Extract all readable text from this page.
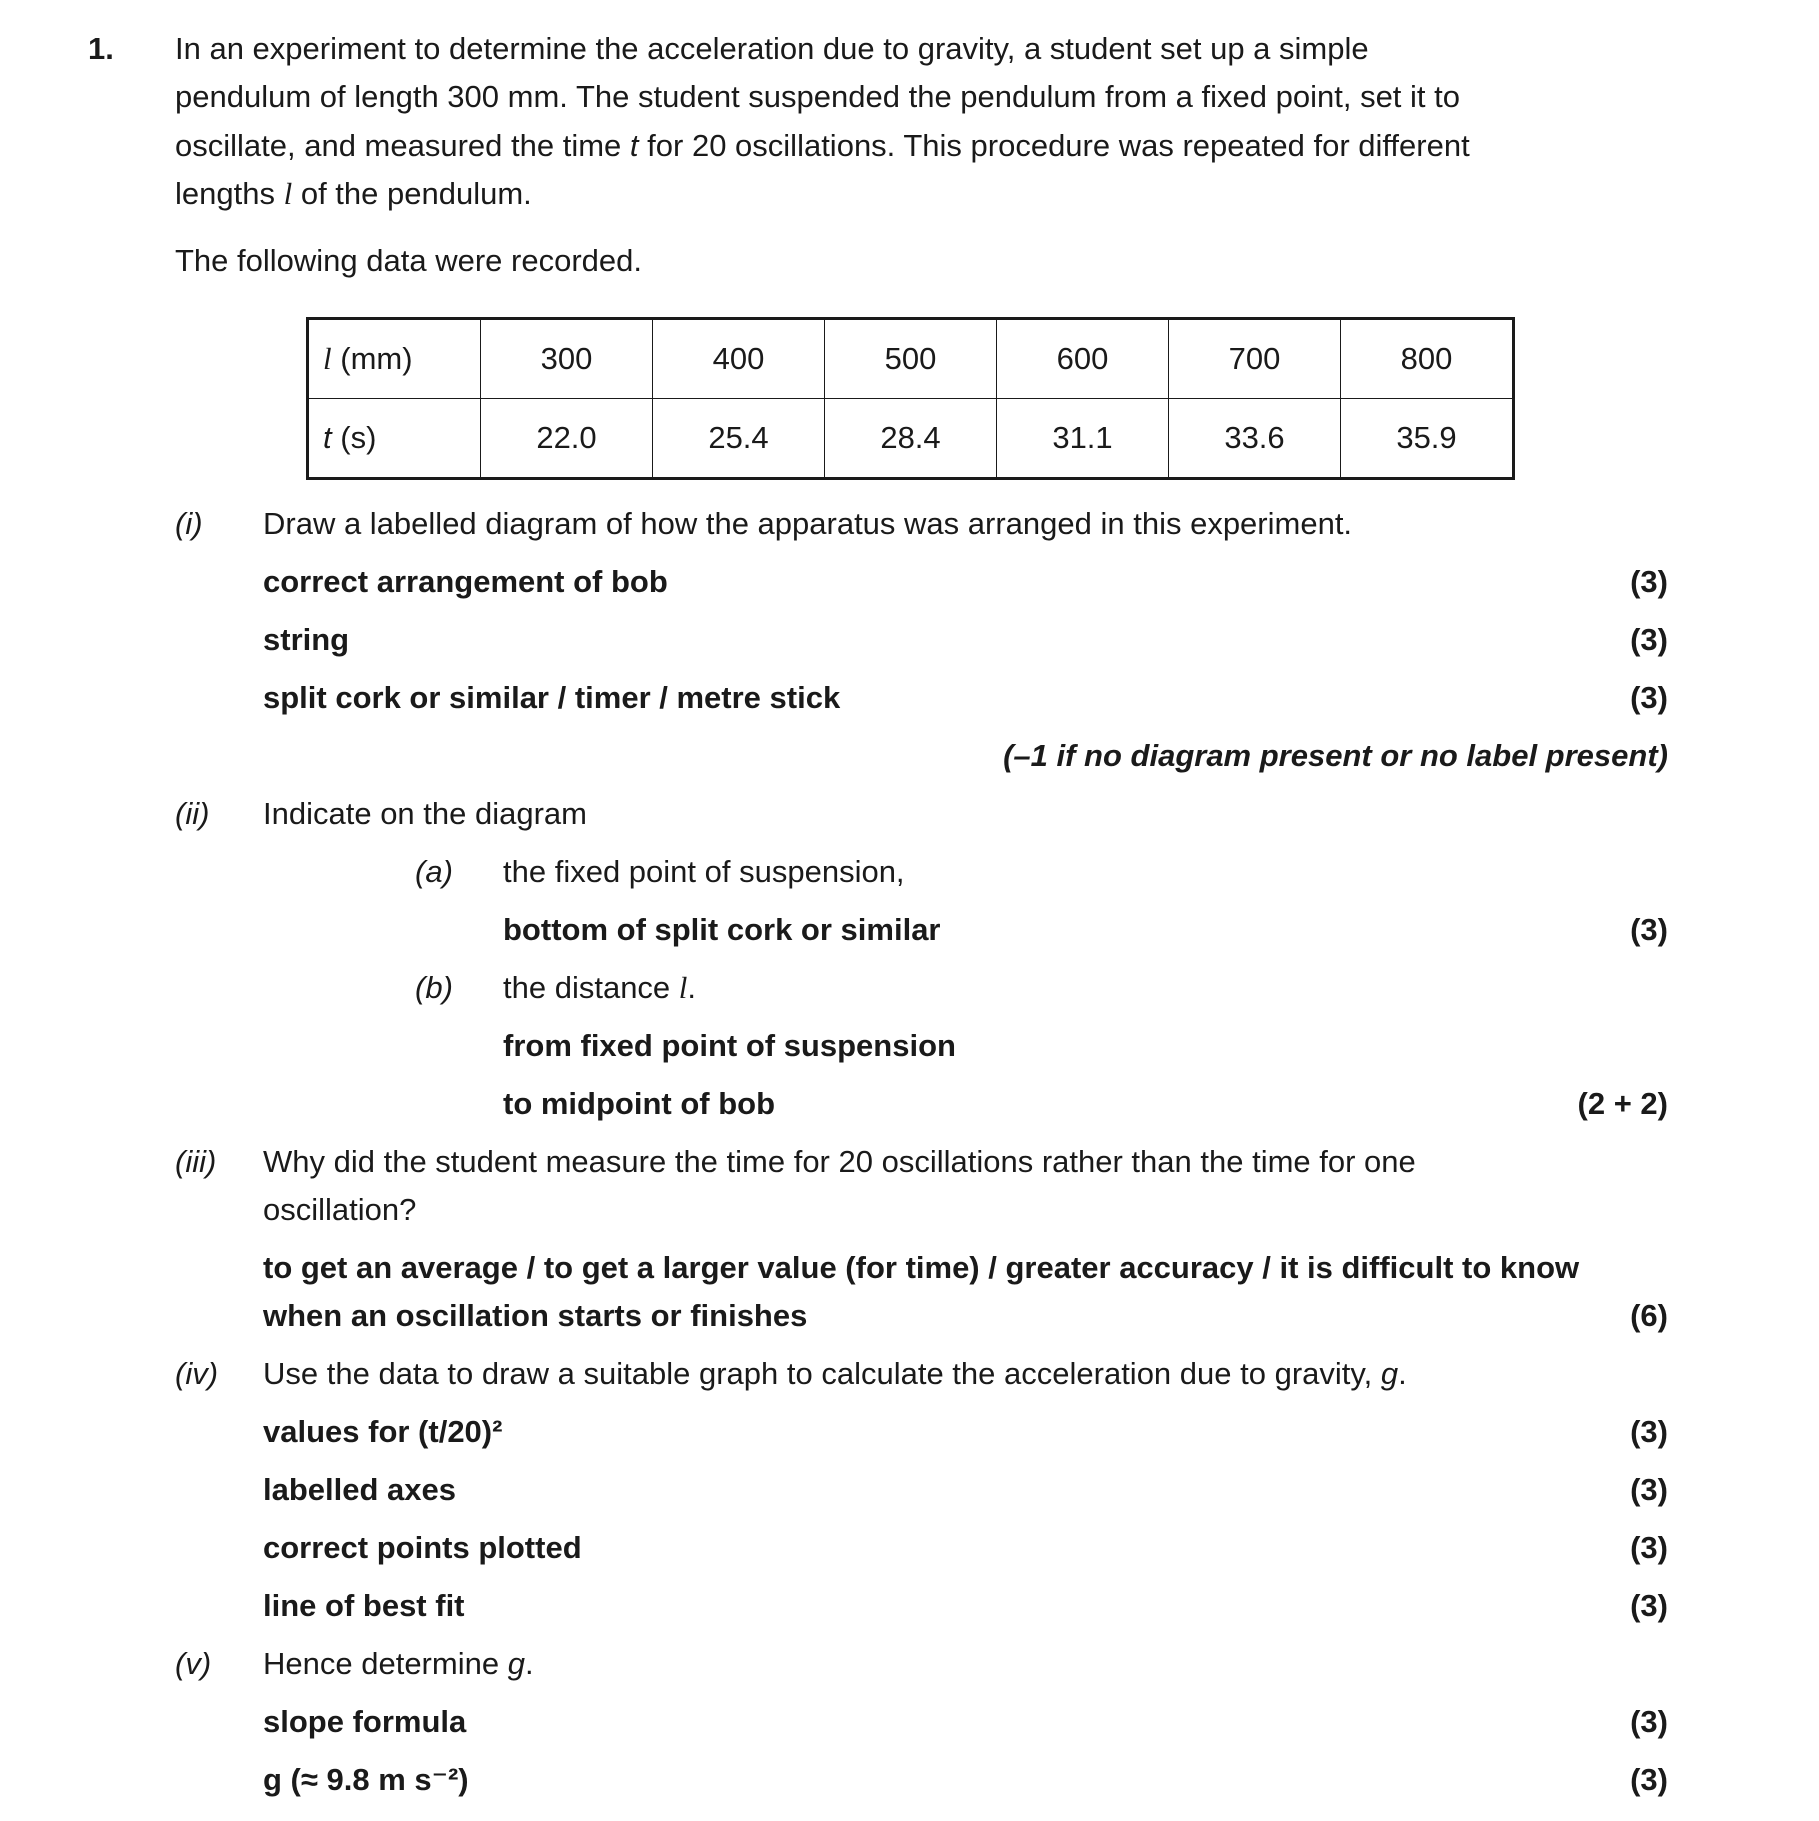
1. In an experiment to determine the acceleration due to gravity, a student set up a simple
pendulum of length 300 mm. The student suspended the pendulum from a fixed point, set it to
oscillate, and measured the time t for 20 oscillations. This procedure was repeated for different
lengths l of the pendulum.
The following data were recorded.
l (mm)	300	400	500	600	700	800
t (s)	22.0	25.4	28.4	31.1	33.6	35.9
(i) Draw a labelled diagram of how the apparatus was arranged in this experiment.
correct arrangement of bob	(3)
string	(3)
split cork or similar / timer / metre stick	(3)
(–1 if no diagram present or no label present)
(ii) Indicate on the diagram
(a) the fixed point of suspension,
bottom of split cork or similar	(3)
(b) the distance l.
from fixed point of suspension
to midpoint of bob	(2 + 2)
(iii) Why did the student measure the time for 20 oscillations rather than the time for one
oscillation?
to get an average / to get a larger value (for time) / greater accuracy / it is difficult to know
when an oscillation starts or finishes	(6)
(iv) Use the data to draw a suitable graph to calculate the acceleration due to gravity, g.
values for (t/20)²	(3)
labelled axes	(3)
correct points plotted	(3)
line of best fit	(3)
(v) Hence determine g.
slope formula	(3)
g (≈ 9.8 m s⁻²)	(3)
